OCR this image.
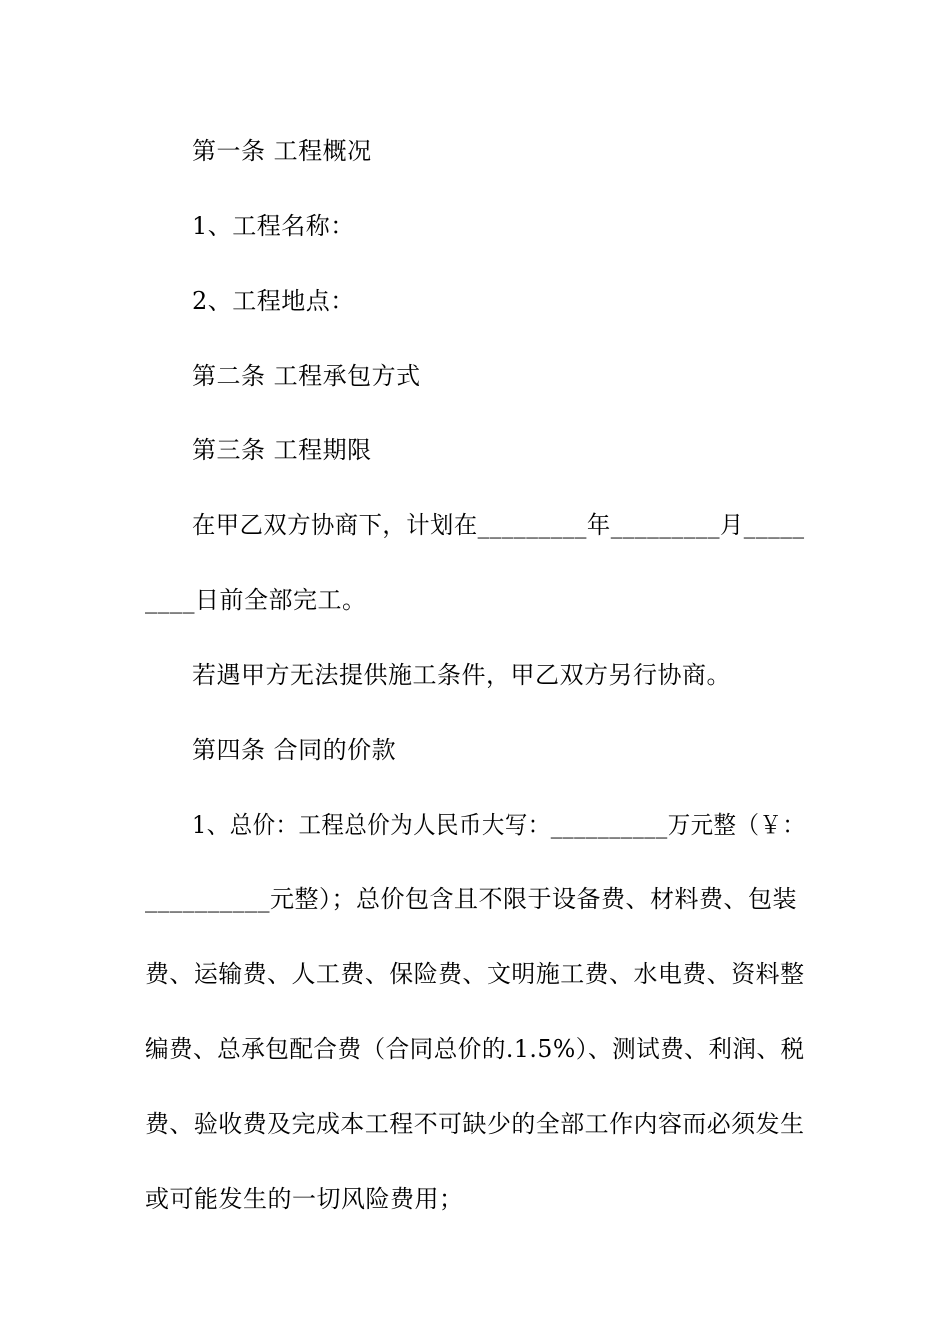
第一条 工程概况
1、工程名称：
2、工程地点：
第二条 工程承包方式
第三条 工程期限
在甲乙双方协商下，计划在_________年_________月_____
____日前全部完工。
若遇甲方无法提供施工条件，甲乙双方另行协商。
第四条 合同的价款
1、总价：工程总价为人民币大写：__________万元整（￥：
__________元整）；总价包含且不限于设备费、材料费、包装
费、运输费、人工费、保险费、文明施工费、水电费、资料整
编费、总承包配合费（合同总价的.1.5%）、测试费、利润、税
费、验收费及完成本工程不可缺少的全部工作内容而必须发生
或可能发生的一切风险费用；
